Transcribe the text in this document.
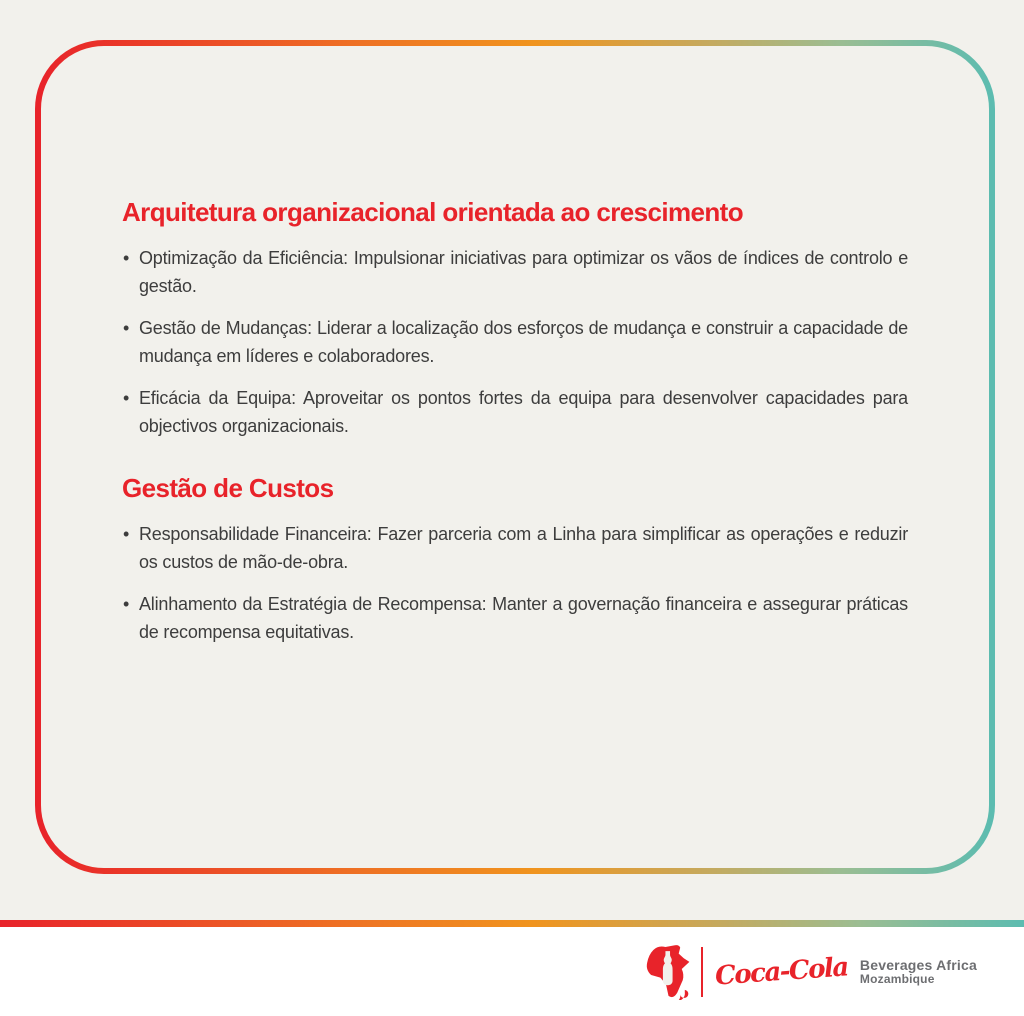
Arquitetura organizacional orientada ao crescimento
• Optimização da Eficiência: Impulsionar iniciativas para optimizar os vãos de índices de controlo e gestão.
• Gestão de Mudanças: Liderar a localização dos esforços de mudança e construir a capacidade de mudança em líderes e colaboradores.
• Eficácia da Equipa: Aproveitar os pontos fortes da equipa para desenvolver capacidades para objectivos organizacionais.
Gestão de Custos
• Responsabilidade Financeira: Fazer parceria com a Linha para simplificar as operações e reduzir os custos de mão-de-obra.
• Alinhamento da Estratégia de Recompensa: Manter a governação financeira e assegurar práticas de recompensa equitativas.
Coca-Cola Beverages Africa
Mozambique
